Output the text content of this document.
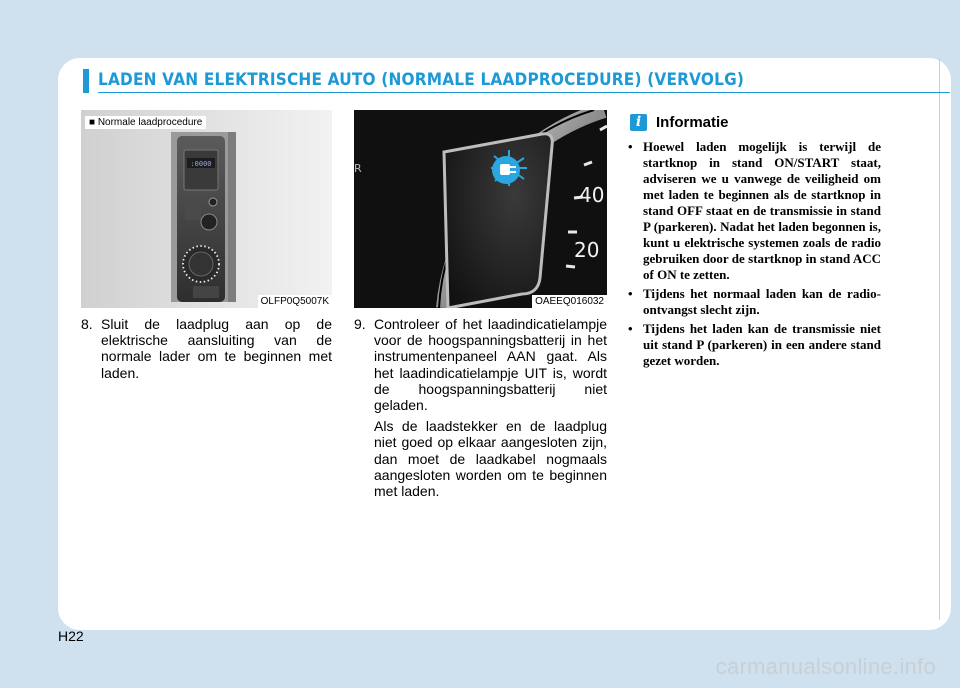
LADEN VAN ELEKTRISCHE AUTO (NORMALE LAADPROCEDURE) (VERVOLG)
:0000
■ Normale laadprocedure
OLFP0Q5007K
40
20
R
OAEEQ016032
8. Sluit de laadplug aan op de elektrische aansluiting van de normale lader om te beginnen met laden.

9. Controleer of het laadindicatielampje voor de hoogspanningsbatterij in het instrumentenpaneel AAN gaat. Als het laadindicatielampje UIT is, wordt de hoogspanningsbatterij niet geladen.

Als de laadstekker en de laadplug niet goed op elkaar aangesloten zijn, dan moet de laadkabel nogmaals aangesloten worden om te beginnen met laden.

i Informatie
• Hoewel laden mogelijk is terwijl de startknop in stand ON/START staat, adviseren we u vanwege de veiligheid om met laden te beginnen als de startknop in stand OFF staat en de transmissie in stand P (parkeren). Nadat het laden begonnen is, kunt u elektrische systemen zoals de radio gebruiken door de startknop in stand ACC of ON te zetten.
• Tijdens het normaal laden kan de radio-ontvangst slecht zijn.
• Tijdens het laden kan de transmissie niet uit stand P (parkeren) in een andere stand gezet worden.
H22
carmanualsonline.info
